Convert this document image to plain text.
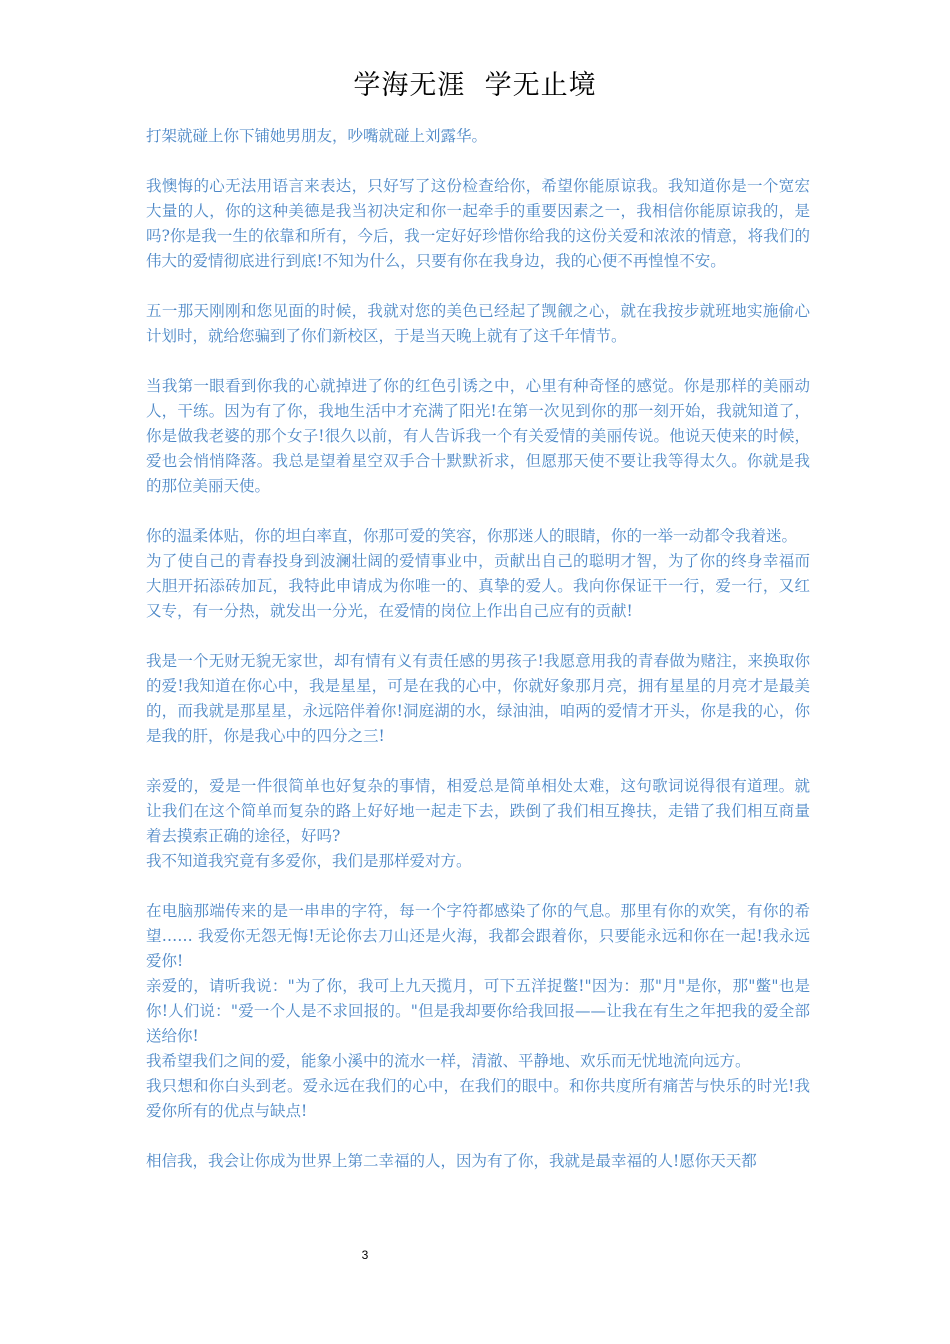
学海无涯  学无止境

打架就碰上你下铺她男朋友，吵嘴就碰上刘露华。

我懊悔的心无法用语言来表达，只好写了这份检查给你，希望你能原谅我。我知道你是一个宽宏大量的人，你的这种美德是我当初决定和你一起牵手的重要因素之一，我相信你能原谅我的，是吗?你是我一生的依靠和所有，今后，我一定好好珍惜你给我的这份关爱和浓浓的情意，将我们的伟大的爱情彻底进行到底!不知为什么，只要有你在我身边，我的心便不再惶惶不安。

五一那天刚刚和您见面的时候，我就对您的美色已经起了觊觎之心，就在我按步就班地实施偷心计划时，就给您骗到了你们新校区，于是当天晚上就有了这千年情节。

当我第一眼看到你我的心就掉进了你的红色引诱之中，心里有种奇怪的感觉。你是那样的美丽动人，干练。因为有了你，我地生活中才充满了阳光!在第一次见到你的那一刻开始，我就知道了，你是做我老婆的那个女子!很久以前，有人告诉我一个有关爱情的美丽传说。他说天使来的时候，爱也会悄悄降落。我总是望着星空双手合十默默祈求，但愿那天使不要让我等得太久。你就是我的那位美丽天使。

你的温柔体贴，你的坦白率直，你那可爱的笑容，你那迷人的眼睛，你的一举一动都令我着迷。

为了使自己的青春投身到波澜壮阔的爱情事业中，贡献出自己的聪明才智，为了你的终身幸福而大胆开拓添砖加瓦，我特此申请成为你唯一的、真挚的爱人。我向你保证干一行，爱一行，又红又专，有一分热，就发出一分光，在爱情的岗位上作出自己应有的贡献!

我是一个无财无貌无家世，却有情有义有责任感的男孩子!我愿意用我的青春做为赌注，来换取你的爱!我知道在你心中，我是星星，可是在我的心中，你就好象那月亮，拥有星星的月亮才是最美的，而我就是那星星，永远陪伴着你!洞庭湖的水，绿油油，咱两的爱情才开头，你是我的心，你是我的肝，你是我心中的四分之三!

亲爱的，爱是一件很简单也好复杂的事情，相爱总是简单相处太难，这句歌词说得很有道理。就让我们在这个简单而复杂的路上好好地一起走下去，跌倒了我们相互搀扶，走错了我们相互商量着去摸索正确的途径，好吗?

我不知道我究竟有多爱你，我们是那样爱对方。

在电脑那端传来的是一串串的字符，每一个字符都感染了你的气息。那里有你的欢笑，有你的希望…… 我爱你无怨无悔!无论你去刀山还是火海，我都会跟着你，只要能永远和你在一起!我永远爱你!

亲爱的，请听我说："为了你，我可上九天揽月，可下五洋捉鳖!"因为：那"月"是你，那"鳖"也是你!人们说："爱一个人是不求回报的。"但是我却要你给我回报——让我在有生之年把我的爱全部送给你!

我希望我们之间的爱，能象小溪中的流水一样，清澈、平静地、欢乐而无忧地流向远方。

我只想和你白头到老。爱永远在我们的心中，在我们的眼中。和你共度所有痛苦与快乐的时光!我爱你所有的优点与缺点!

相信我，我会让你成为世界上第二幸福的人，因为有了你，我就是最幸福的人!愿你天天都

3
